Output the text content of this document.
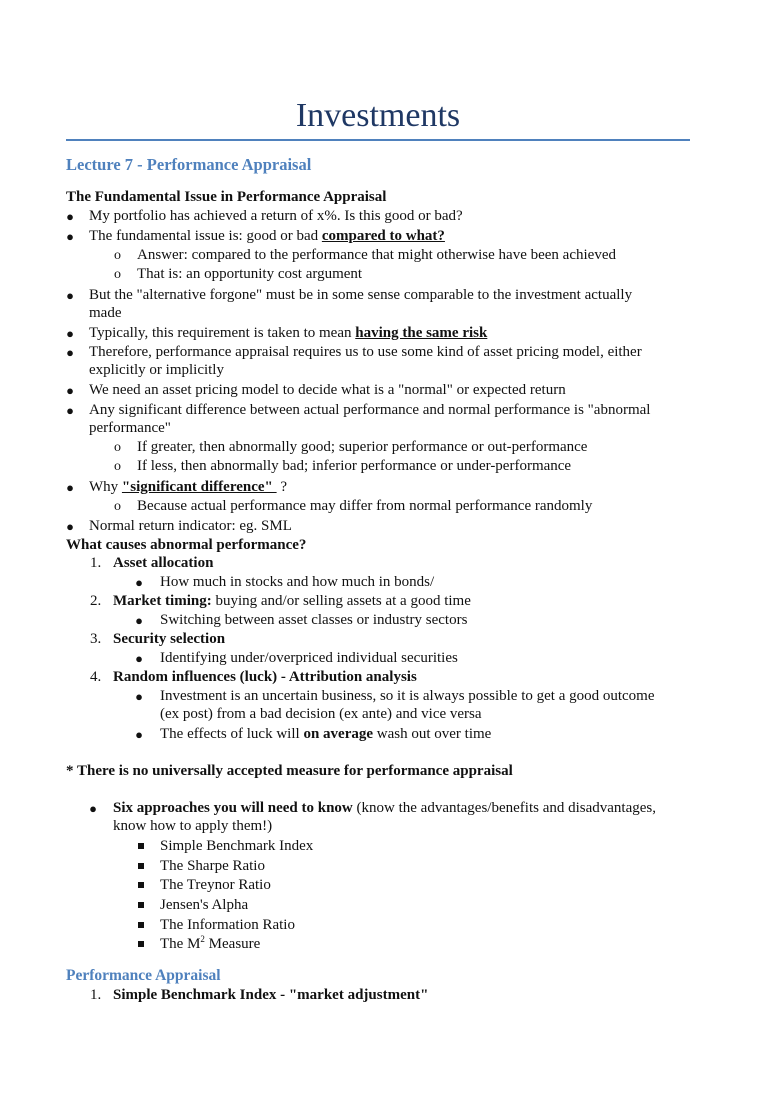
Investments
Lecture 7 - Performance Appraisal
The Fundamental Issue in Performance Appraisal
● My portfolio has achieved a return of x%. Is this good or bad?
● The fundamental issue is: good or bad compared to what?
o Answer: compared to the performance that might otherwise have been achieved
o That is: an opportunity cost argument
● But the "alternative forgone" must be in some sense comparable to the investment actually
made
● Typically, this requirement is taken to mean having the same risk
● Therefore, performance appraisal requires us to use some kind of asset pricing model, either
explicitly or implicitly
● We need an asset pricing model to decide what is a "normal" or expected return
● Any significant difference between actual performance and normal performance is "abnormal
performance"
o If greater, then abnormally good; superior performance or out-performance
o If less, then abnormally bad; inferior performance or under-performance
● Why "significant difference"  ?
o Because actual performance may differ from normal performance randomly
● Normal return indicator: eg. SML
What causes abnormal performance?
1. Asset allocation
● How much in stocks and how much in bonds/
2. Market timing: buying and/or selling assets at a good time
● Switching between asset classes or industry sectors
3. Security selection
● Identifying under/overpriced individual securities
4. Random influences (luck) - Attribution analysis
● Investment is an uncertain business, so it is always possible to get a good outcome
(ex post) from a bad decision (ex ante) and vice versa
● The effects of luck will on average wash out over time
* There is no universally accepted measure for performance appraisal
● Six approaches you will need to know (know the advantages/benefits and disadvantages,
know how to apply them!)
Simple Benchmark Index
The Sharpe Ratio
The Treynor Ratio
Jensen's Alpha
The Information Ratio
The $M^2$ Measure
Performance Appraisal
1. Simple Benchmark Index - "market adjustment"
